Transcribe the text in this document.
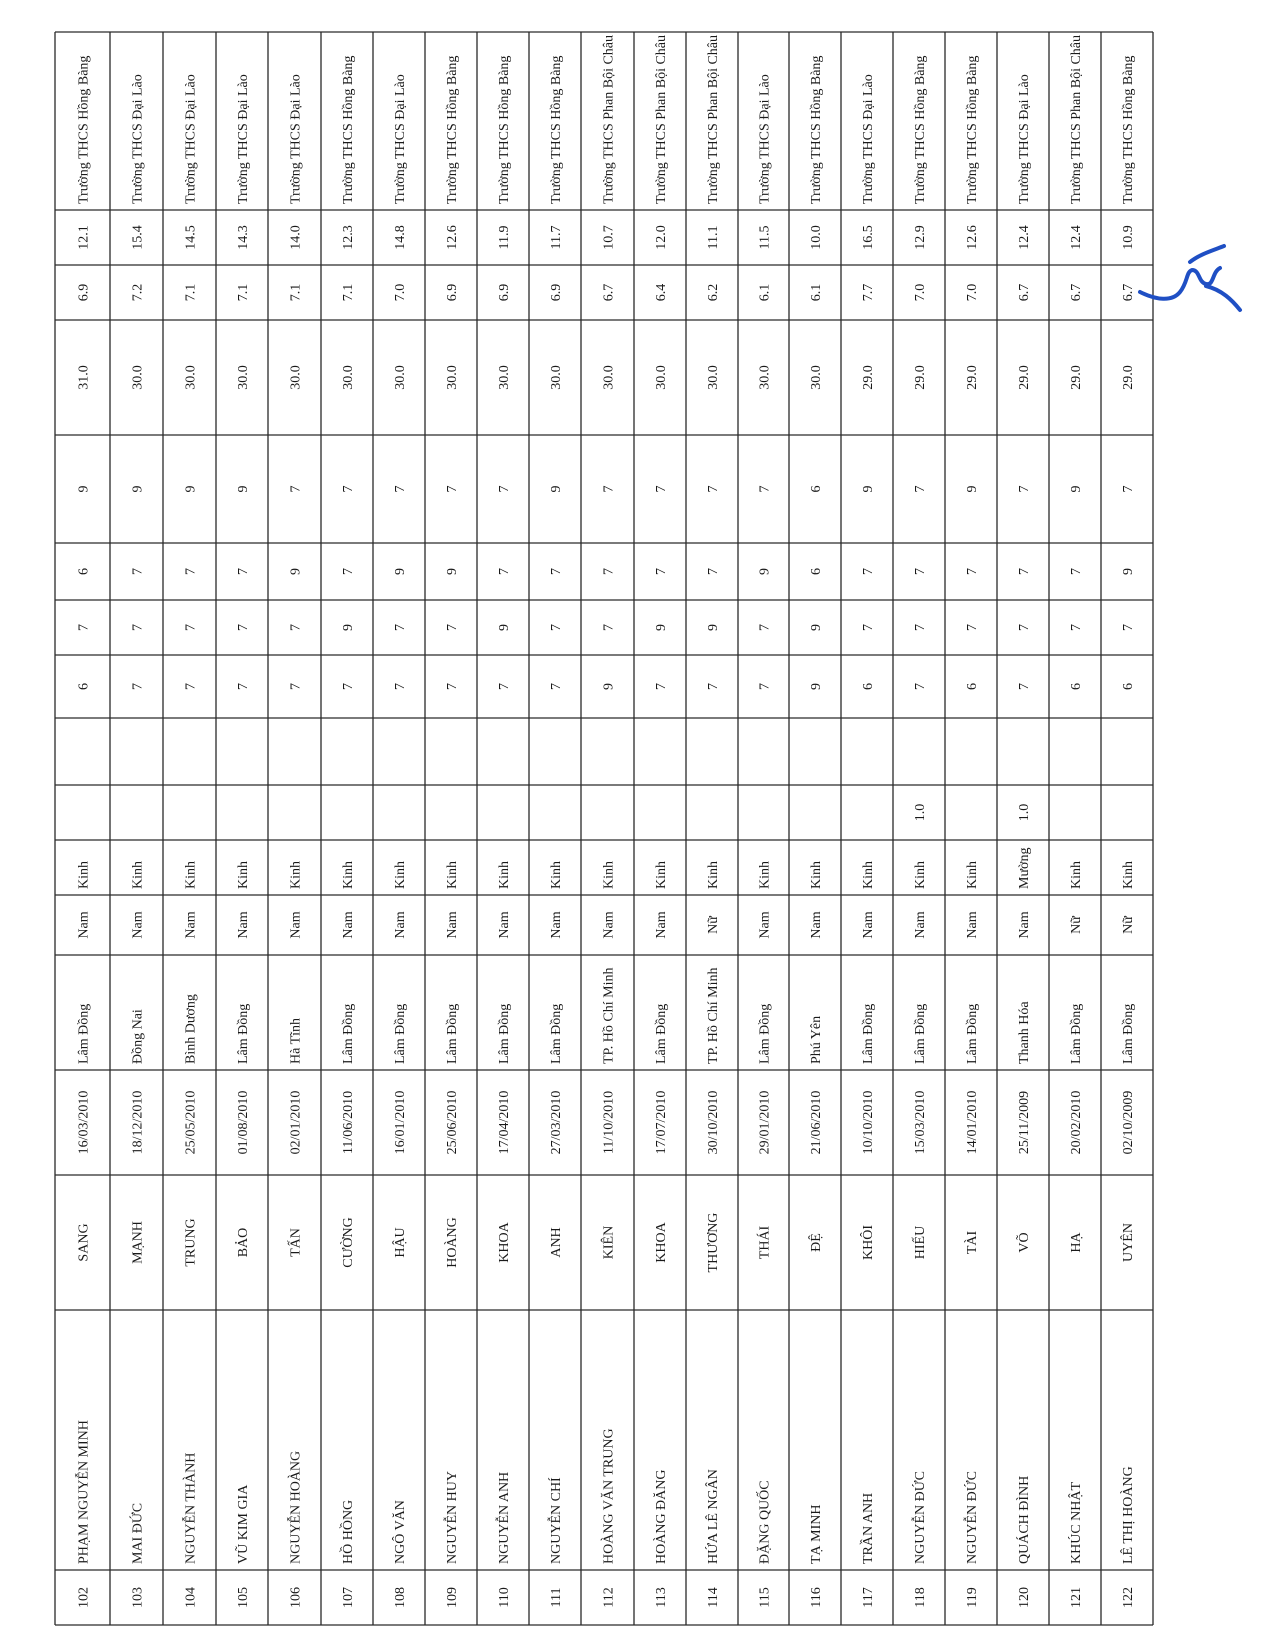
102
PHẠM NGUYỄN MINH
SANG
16/03/2010
Lâm Đồng
Nam
Kinh
6
7
6
9
31.0
6.9
12.1
Trường THCS Hồng Bàng
103
MAI ĐỨC
MẠNH
18/12/2010
Đồng Nai
Nam
Kinh
7
7
7
9
30.0
7.2
15.4
Trường THCS Đại Lào
104
NGUYỄN THÀNH
TRUNG
25/05/2010
Bình Dương
Nam
Kinh
7
7
7
9
30.0
7.1
14.5
Trường THCS Đại Lào
105
VŨ KIM GIA
BẢO
01/08/2010
Lâm Đồng
Nam
Kinh
7
7
7
9
30.0
7.1
14.3
Trường THCS Đại Lào
106
NGUYỄN HOÀNG
TẤN
02/01/2010
Hà Tĩnh
Nam
Kinh
7
7
9
7
30.0
7.1
14.0
Trường THCS Đại Lào
107
HỒ HỒNG
CƯỜNG
11/06/2010
Lâm Đồng
Nam
Kinh
7
9
7
7
30.0
7.1
12.3
Trường THCS Hồng Bàng
108
NGÔ VĂN
HẬU
16/01/2010
Lâm Đồng
Nam
Kinh
7
7
9
7
30.0
7.0
14.8
Trường THCS Đại Lào
109
NGUYỄN HUY
HOÀNG
25/06/2010
Lâm Đồng
Nam
Kinh
7
7
9
7
30.0
6.9
12.6
Trường THCS Hồng Bàng
110
NGUYỄN ANH
KHOA
17/04/2010
Lâm Đồng
Nam
Kinh
7
9
7
7
30.0
6.9
11.9
Trường THCS Hồng Bàng
111
NGUYỄN CHÍ
ANH
27/03/2010
Lâm Đồng
Nam
Kinh
7
7
7
9
30.0
6.9
11.7
Trường THCS Hồng Bàng
112
HOÀNG VĂN TRUNG
KIÊN
11/10/2010
TP. Hồ Chí Minh
Nam
Kinh
9
7
7
7
30.0
6.7
10.7
Trường THCS Phan Bội Châu
113
HOÀNG ĐĂNG
KHOA
17/07/2010
Lâm Đồng
Nam
Kinh
7
9
7
7
30.0
6.4
12.0
Trường THCS Phan Bội Châu
114
HỨA LÊ NGÂN
THƯƠNG
30/10/2010
TP. Hồ Chí Minh
Nữ
Kinh
7
9
7
7
30.0
6.2
11.1
Trường THCS Phan Bội Châu
115
ĐẶNG QUỐC
THÁI
29/01/2010
Lâm Đồng
Nam
Kinh
7
7
9
7
30.0
6.1
11.5
Trường THCS Đại Lào
116
TẠ MINH
ĐỆ
21/06/2010
Phú Yên
Nam
Kinh
9
9
6
6
30.0
6.1
10.0
Trường THCS Hồng Bàng
117
TRẦN ANH
KHÔI
10/10/2010
Lâm Đồng
Nam
Kinh
6
7
7
9
29.0
7.7
16.5
Trường THCS Đại Lào
118
NGUYỄN ĐỨC
HIẾU
15/03/2010
Lâm Đồng
Nam
Kinh
1.0
7
7
7
7
29.0
7.0
12.9
Trường THCS Hồng Bàng
119
NGUYỄN ĐỨC
TÀI
14/01/2010
Lâm Đồng
Nam
Kinh
6
7
7
9
29.0
7.0
12.6
Trường THCS Hồng Bàng
120
QUÁCH ĐÌNH
VÕ
25/11/2009
Thanh Hóa
Nam
Mường
1.0
7
7
7
7
29.0
6.7
12.4
Trường THCS Đại Lào
121
KHÚC NHẬT
HẠ
20/02/2010
Lâm Đồng
Nữ
Kinh
6
7
7
9
29.0
6.7
12.4
Trường THCS Phan Bội Châu
122
LÊ THỊ HOÀNG
UYÊN
02/10/2009
Lâm Đồng
Nữ
Kinh
6
7
9
7
29.0
6.7
10.9
Trường THCS Hồng Bàng
